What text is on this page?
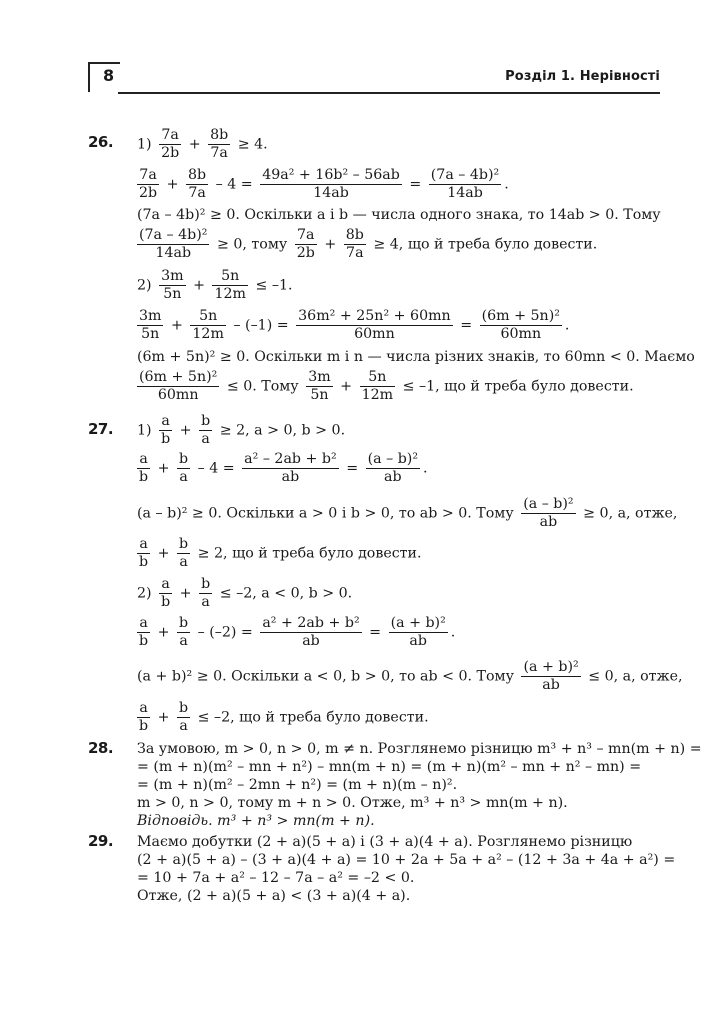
8	Розділ 1. Нерівності
26. $1) \frac{7a}{2b} + \frac{8b}{7a} \ge 4$.
$\frac{7a}{2b} + \frac{8b}{7a} - 4 = \frac{\text{49a² + 16b² – 56ab}}{14ab} = \frac{\text{(7a – 4b)²}}{14ab}$ .
(7a – 4b)² ≥ 0. Оскільки a і b — числа одного знака, то 14ab > 0. Тому
$\frac{\text{(7a – 4b)²}}{14ab} \ge 0$, тому $\frac{7a}{2b} + \frac{8b}{7a} \ge 4$, що й треба було довести.
$2) \frac{3m}{5n} + \frac{5n}{12m} \le -1$.
$\frac{3m}{5n} + \frac{5n}{12m} - (-1) = \frac{\text{36m² + 25n² + 60mn}}{60mn} = \frac{\text{(6m + 5n)²}}{60mn}$ .
(6m + 5n)² ≥ 0. Оскільки m і n — числа різних знаків, то 60mn < 0. Маємо
$\frac{\text{(6m + 5n)²}}{60mn} \le 0$. Тому $\frac{3m}{5n} + \frac{5n}{12m} \le -1$, що й треба було довести.
27. $1) \frac{a}{b} + \frac{b}{a} \ge 2$, a > 0, b > 0.
$\frac{a}{b} + \frac{b}{a} - 4 = \frac{\text{a² – 2ab + b²}}{ab} = \frac{\text{(a – b)²}}{ab}$ .
(a – b)² ≥ 0. Оскільки a > 0 і b > 0, то ab > 0. Тому $\frac{\text{(a – b)²}}{ab} \ge 0$, а, отже,
$\frac{a}{b} + \frac{b}{a} \ge 2$, що й треба було довести.
$2) \frac{a}{b} + \frac{b}{a} \le -2$, a < 0, b > 0.
$\frac{a}{b} + \frac{b}{a} - (-2) = \frac{\text{a² + 2ab + b²}}{ab} = \frac{\text{(a + b)²}}{ab}$ .
(a + b)² ≥ 0. Оскільки a < 0, b > 0, то ab < 0. Тому $\frac{\text{(a + b)²}}{ab} \le 0$, а, отже,
$\frac{a}{b} + \frac{b}{a} \le -2$, що й треба було довести.
28. За умовою, m > 0, n > 0, m ≠ n. Розглянемо різницю m³ + n³ – mn(m + n) =
= (m + n)(m² – mn + n²) – mn(m + n) = (m + n)(m² – mn + n² – mn) =
= (m + n)(m² – 2mn + n²) = (m + n)(m – n)².
m > 0, n > 0, тому m + n > 0. Отже, m³ + n³ > mn(m + n).
Відповідь. m³ + n³ > mn(m + n).
29. Маємо добутки (2 + a)(5 + a) і (3 + a)(4 + a). Розглянемо різницю
(2 + a)(5 + a) – (3 + a)(4 + a) = 10 + 2a + 5a + a² – (12 + 3a + 4a + a²) =
= 10 + 7a + a² – 12 – 7a – a² = –2 < 0.
Отже, (2 + a)(5 + a) < (3 + a)(4 + a).
